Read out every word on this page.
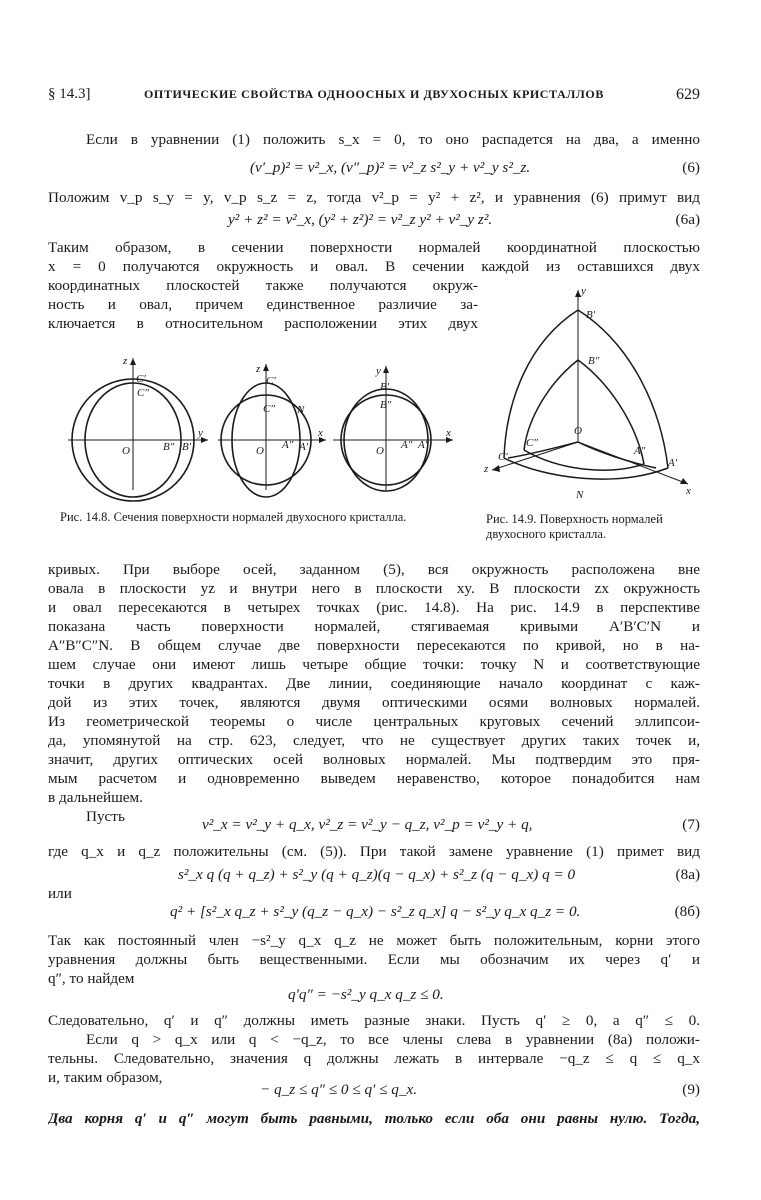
§ 14.3]	ОПТИЧЕСКИЕ СВОЙСТВА ОДНООСНЫХ И ДВУХОСНЫХ КРИСТАЛЛОВ	629
Если в уравнении (1) положить s_x = 0, то оно распадется на два, а именно
(v′_p)² = v²_x, (v″_p)² = v²_z s²_y + v²_y s²_z.	(6)
Положим v_p s_y = y, v_p s_z = z, тогда v²_p = y² + z², и уравнения (6) примут вид
y² + z² = v²_x, (y² + z²)² = v²_z y² + v²_y z².	(6а)
Таким образом, в сечении поверхности нормалей координатной плоскостью
x = 0 получаются окружность и овал. В сечении каждой из оставшихся двух
координатных плоскостей также получаются окруж-
ность и овал, причем единственное различие за-
ключается в относительном расположении этих двух
z
C′
C″
O	B″ B′
y
z
C′
C″ N
O A″ A′
x
y
B′
B″
O A″ A′
x
Рис. 14.8. Сечения поверхности нормалей двухосного кристалла.
y
B′
B″
C″
O
C′
z
A″
A′
N	x
Рис. 14.9. Поверхность нормалей двухосного кристалла.
кривых. При выборе осей, заданном (5), вся окружность расположена вне
овала в плоскости yz и внутри него в плоскости xy. В плоскости zx окружность
и овал пересекаются в четырех точках (рис. 14.8). На рис. 14.9 в перспективе
показана часть поверхности нормалей, стягиваемая кривыми A′B′C′N и
A″B″C″N. В общем случае две поверхности пересекаются по кривой, но в на-
шем случае они имеют лишь четыре общие точки: точку N и соответствующие
точки в других квадрантах. Две линии, соединяющие начало координат с каж-
дой из этих точек, являются двумя оптическими осями волновых нормалей.
Из геометрической теоремы о числе центральных круговых сечений эллипсои-
да, упомянутой на стр. 623, следует, что не существует других таких точек и,
значит, других оптических осей волновых нормалей. Мы подтвердим это пря-
мым расчетом и одновременно выведем неравенство, которое понадобится нам
в дальнейшем.
Пусть	v²_x = v²_y + q_x, v²_z = v²_y − q_z, v²_p = v²_y + q,	(7)
где q_x и q_z положительны (см. (5)). При такой замене уравнение (1) примет вид
s²_x q (q + q_z) + s²_y (q + q_z)(q − q_x) + s²_z (q − q_x) q = 0	(8а)
или
q² + [s²_x q_z + s²_y (q_z − q_x) − s²_z q_x] q − s²_y q_x q_z = 0.	(8б)
Так как постоянный член −s²_y q_x q_z не может быть положительным, корни этого
уравнения должны быть вещественными. Если мы обозначим их через q′ и
q″, то найдем
q′q″ = −s²_y q_x q_z ≤ 0.
Следовательно, q′ и q″ должны иметь разные знаки. Пусть q′ ≥ 0, а q″ ≤ 0.
Если q > q_x или q < −q_z, то все члены слева в уравнении (8а) положи-
тельны. Следовательно, значения q должны лежать в интервале −q_z ≤ q ≤ q_x
и, таким образом,
− q_z ≤ q″ ≤ 0 ≤ q′ ≤ q_x.	(9)
Два корня q′ и q″ могут быть равными, только если оба они равны нулю. Тогда,
